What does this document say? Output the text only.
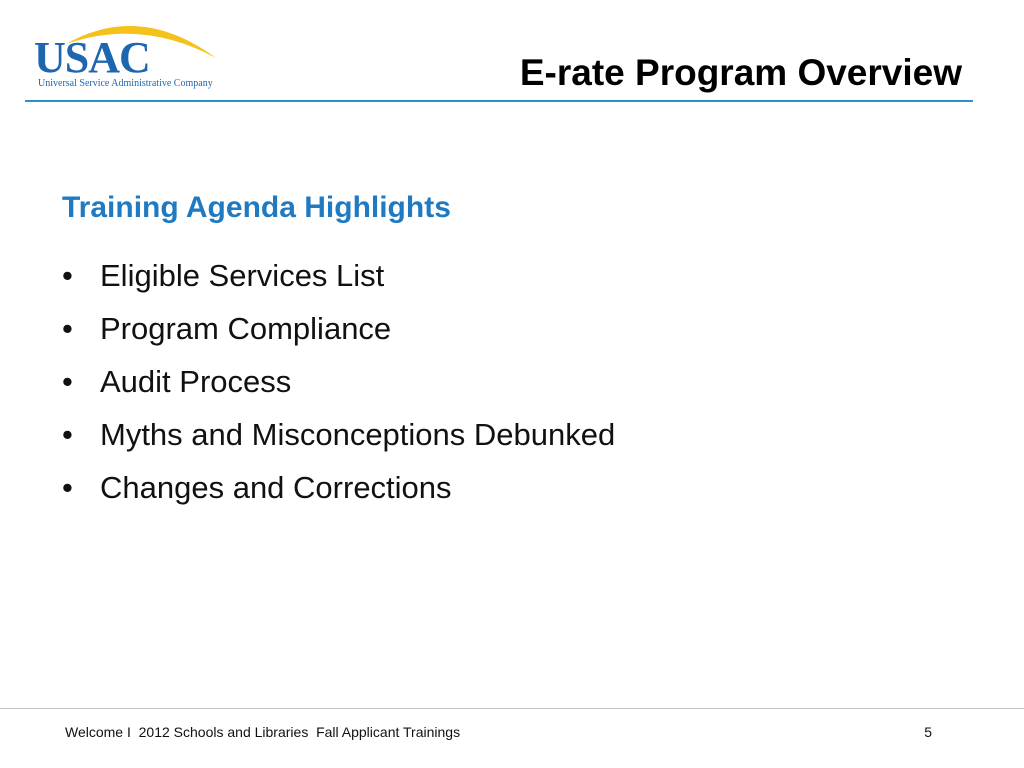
USAC
Universal Service Administrative Company	E-rate Program Overview
Training Agenda Highlights
• Eligible Services List
• Program Compliance
• Audit Process
• Myths and Misconceptions Debunked
• Changes and Corrections
Welcome I  2012 Schools and Libraries  Fall Applicant Trainings	5
